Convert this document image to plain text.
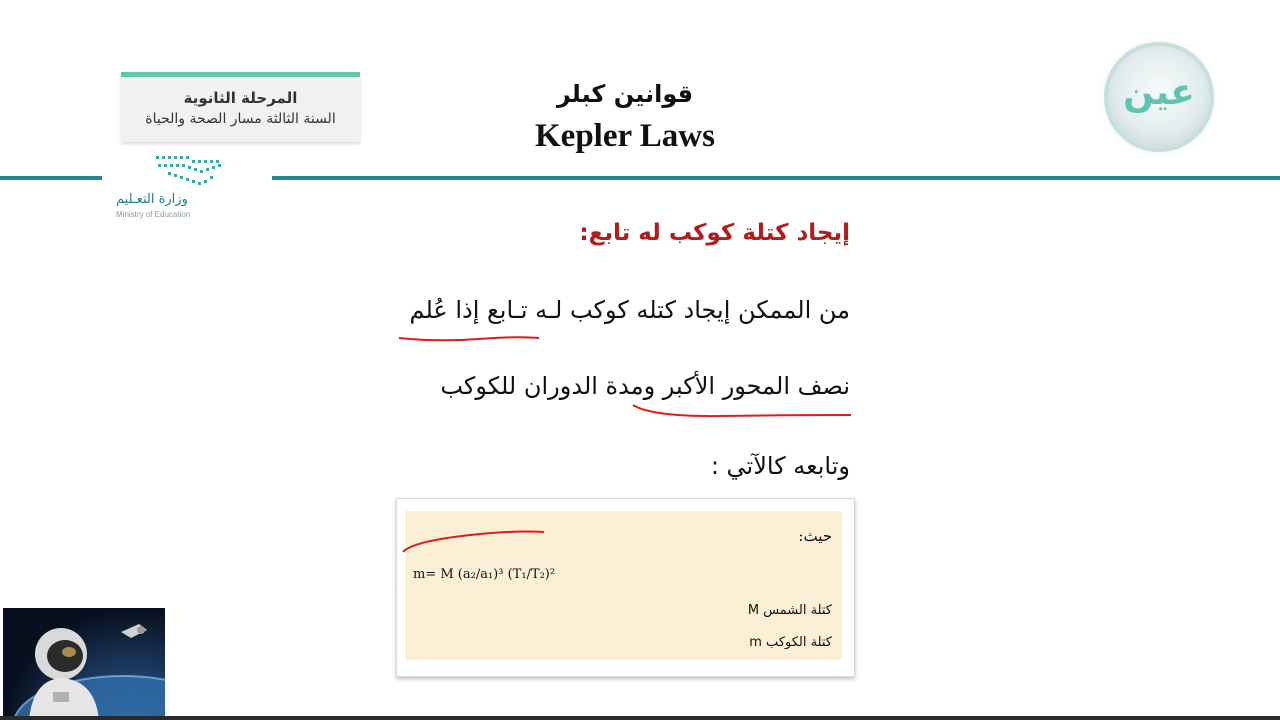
المرحلة الثانوية
السنة الثالثة مسار الصحة والحياة
وزارة التعـليم
Ministry of Education
قوانين كبلر
Kepler Laws
عين
إيجاد كتلة كوكب له تابع:
من الممكن إيجاد كتله كوكب لـه تـابع إذا عُلم
نصف المحور الأكبر ومدة الدوران للكوكب
وتابعه كالآتي :
حيث:
m= M (a₂/a₁)³ (T₁/T₂)²
كتلة الشمس M
كتلة الكوكب m
